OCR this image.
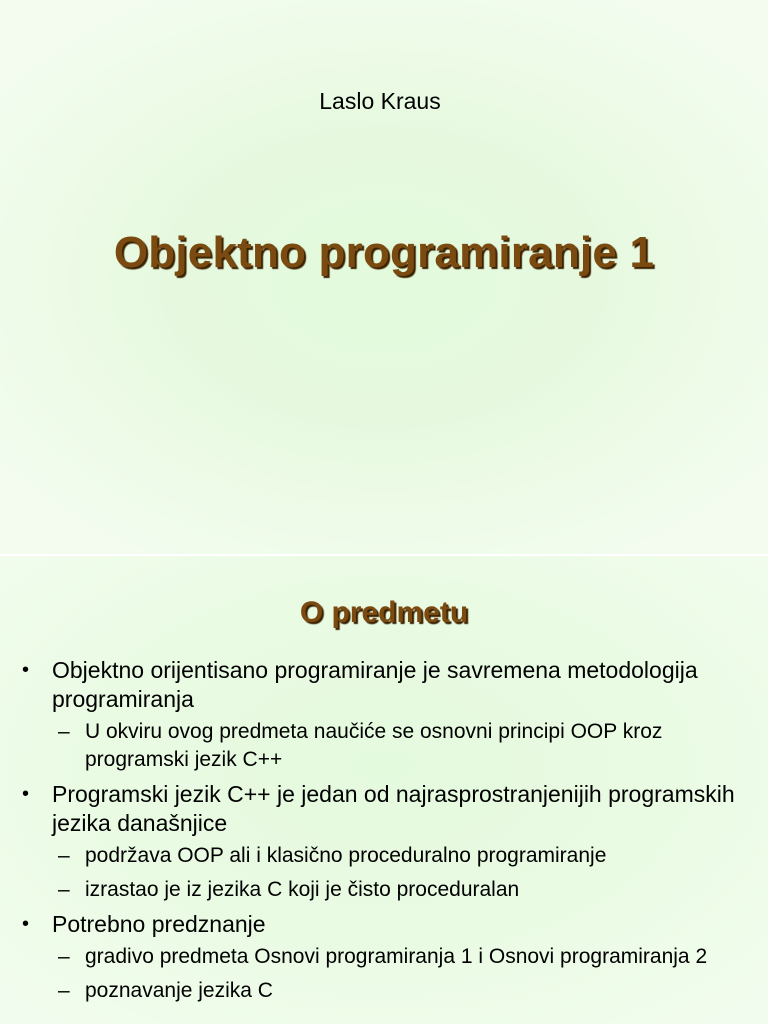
Laslo Kraus
Objektno programiranje 1
O predmetu
• Objektno orijentisano programiranje je savremena metodologija programiranja
– U okviru ovog predmeta naučiće se osnovni principi OOP kroz programski jezik C++
• Programski jezik C++ je jedan od najrasprostranjenijih programskih jezika današnjice
– podržava OOP ali i klasično proceduralno programiranje
– izrastao je iz jezika C koji je čisto proceduralan
• Potrebno predznanje
– gradivo predmeta Osnovi programiranja 1 i Osnovi programiranja 2
– poznavanje jezika C
